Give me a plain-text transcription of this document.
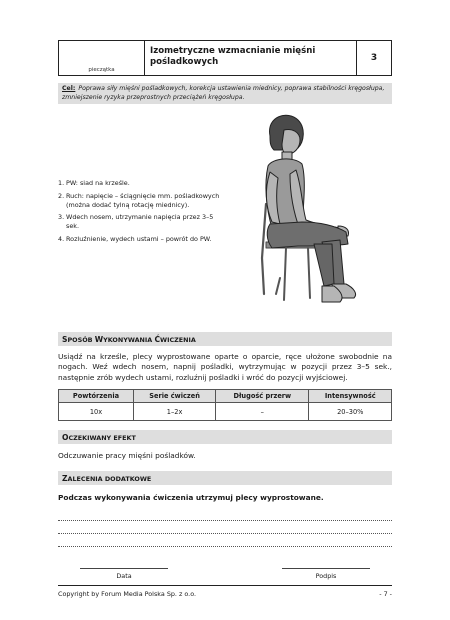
pieczątka
Izometryczne wzmacnianie mięśni pośladkowych	3
Cel: Poprawa siły mięśni pośladkowych, korekcja ustawienia miednicy, poprawa stabilności kręgosłupa, zmniejszenie ryzyka przeprostnych przeciążeń kręgosłupa.
1. PW: siad na krześle.
2. Ruch: napięcie – ściągnięcie mm. pośladkowych (można dodać tylną rotację miednicy).
3. Wdech nosem, utrzymanie napięcia przez 3–5 sek.
4. Rozluźnienie, wydech ustami – powrót do PW.
SPOSÓB WYKONYWANIA ĆWICZENIA
Usiądź na krześle, plecy wyprostowane oparte o oparcie, ręce ułożone swobodnie na nogach. Weź wdech nosem, napnij pośladki, wytrzymując w pozycji przez 3–5 sek., następnie zrób wydech ustami, rozluźnij pośladki i wróć do pozycji wyjściowej.
Powtórzenia	Serie ćwiczeń	Długość przerw	Intensywność
10x	1–2x	–	20–30%
OCZEKIWANY EFEKT
Odczuwanie pracy mięśni pośladków.
ZALECENIA DODATKOWE
Podczas wykonywania ćwiczenia utrzymuj plecy wyprostowane.
Data	Podpis
Copyright by Forum Media Polska Sp. z o.o.	- 7 -
